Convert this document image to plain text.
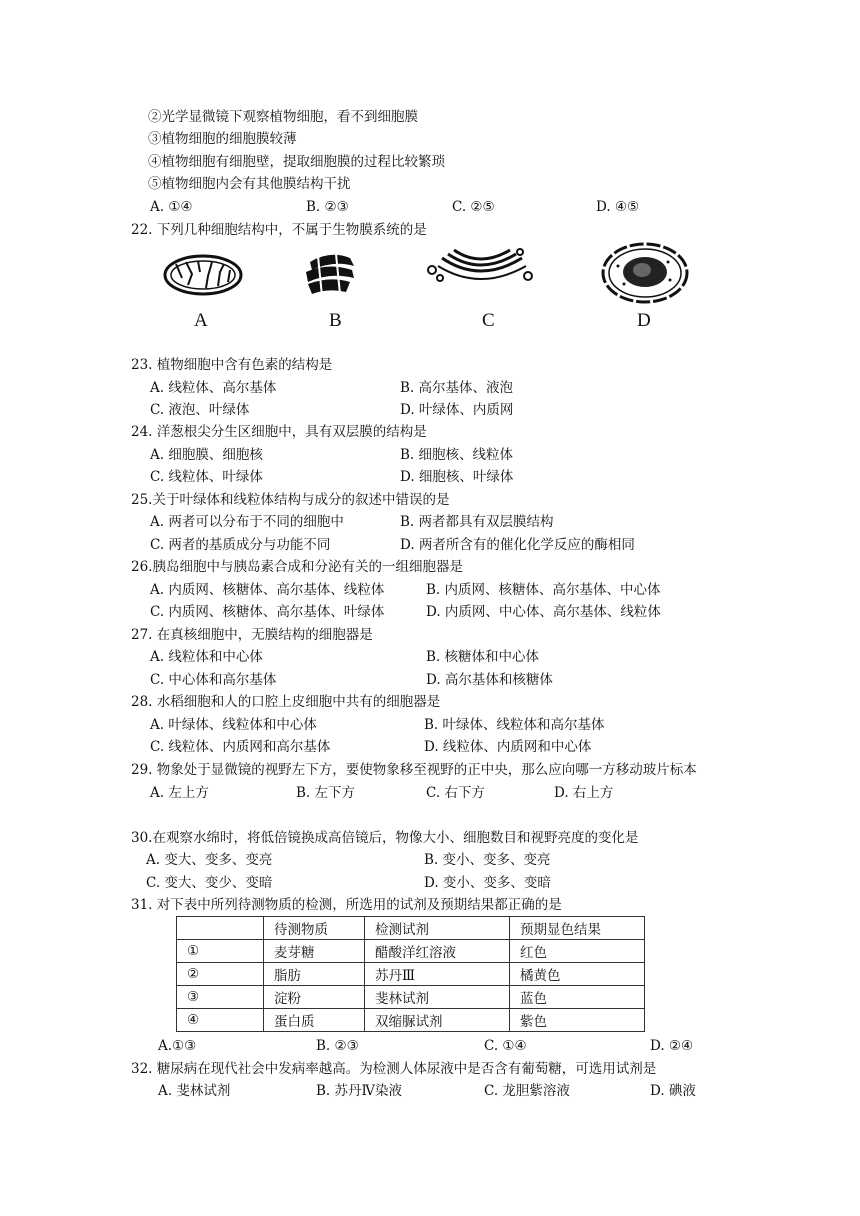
②光学显微镜下观察植物细胞，看不到细胞膜
③植物细胞的细胞膜较薄
④植物细胞有细胞壁，提取细胞膜的过程比较繁琐
⑤植物细胞内会有其他膜结构干扰
A. ①④	B. ②③	C. ②⑤	D. ④⑤
22. 下列几种细胞结构中，不属于生物膜系统的是
A	B	C	D
23. 植物细胞中含有色素的结构是
A. 线粒体、高尔基体	B. 高尔基体、液泡
C. 液泡、叶绿体	D. 叶绿体、内质网
24. 洋葱根尖分生区细胞中，具有双层膜的结构是
A. 细胞膜、细胞核	B. 细胞核、线粒体
C. 线粒体、叶绿体	D. 细胞核、叶绿体
25.关于叶绿体和线粒体结构与成分的叙述中错误的是
A. 两者可以分布于不同的细胞中	B. 两者都具有双层膜结构
C. 两者的基质成分与功能不同	D. 两者所含有的催化化学反应的酶相同
26.胰岛细胞中与胰岛素合成和分泌有关的一组细胞器是
A. 内质网、核糖体、高尔基体、线粒体	B. 内质网、核糖体、高尔基体、中心体
C. 内质网、核糖体、高尔基体、叶绿体	D. 内质网、中心体、高尔基体、线粒体
27. 在真核细胞中，无膜结构的细胞器是
A. 线粒体和中心体	B. 核糖体和中心体
C. 中心体和高尔基体	D. 高尔基体和核糖体
28. 水稻细胞和人的口腔上皮细胞中共有的细胞器是
A. 叶绿体、线粒体和中心体	B. 叶绿体、线粒体和高尔基体
C. 线粒体、内质网和高尔基体	D. 线粒体、内质网和中心体
29. 物象处于显微镜的视野左下方，要使物象移至视野的正中央，那么应向哪一方移动玻片标本
A. 左上方	B. 左下方	C. 右下方	D. 右上方
30.在观察水绵时，将低倍镜换成高倍镜后，物像大小、细胞数目和视野亮度的变化是
A. 变大、变多、变亮	B. 变小、变多、变亮
C. 变大、变少、变暗	D. 变小、变多、变暗
31. 对下表中所列待测物质的检测，所选用的试剂及预期结果都正确的是
	待测物质	检测试剂	预期显色结果
①	麦芽糖	醋酸洋红溶液	红色
②	脂肪	苏丹Ⅲ	橘黄色
③	淀粉	斐林试剂	蓝色
④	蛋白质	双缩脲试剂	紫色
A.①③	B. ②③	C. ①④	D. ②④
32. 糖尿病在现代社会中发病率越高。为检测人体尿液中是否含有葡萄糖，可选用试剂是
A. 斐林试剂	B. 苏丹Ⅳ染液	C. 龙胆紫溶液	D. 碘液
